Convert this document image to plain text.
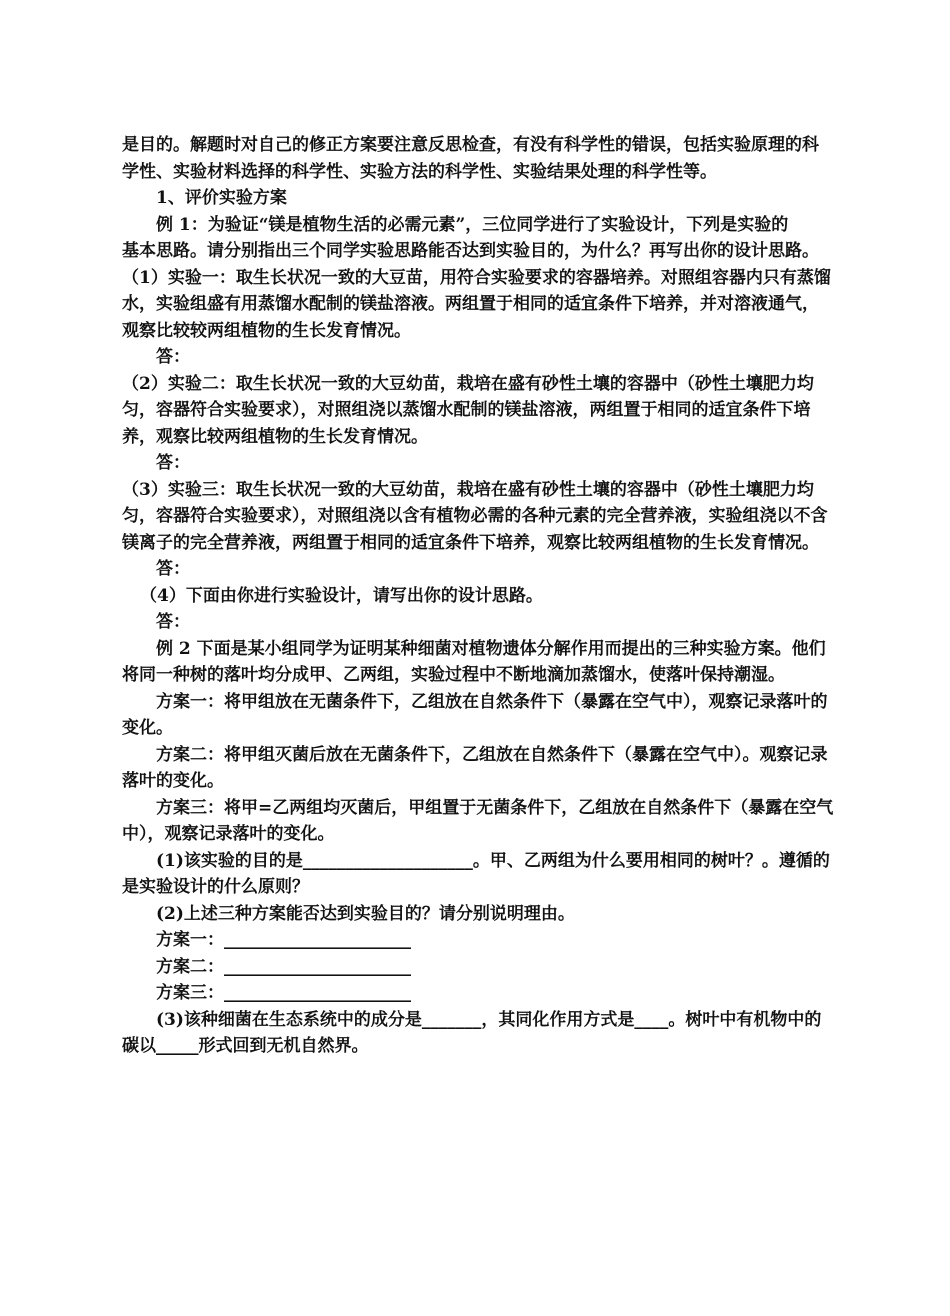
是目的。解题时对自己的修正方案要注意反思检查，有没有科学性的错误，包括实验原理的科学性、实验材料选择的科学性、实验方法的科学性、实验结果处理的科学性等。

1、评价实验方案

例 1：为验证“镁是植物生活的必需元素”，三位同学进行了实验设计，下列是实验的

基本思路。请分别指出三个同学实验思路能否达到实验目的，为什么？再写出你的设计思路。

（1）实验一：取生长状况一致的大豆苗，用符合实验要求的容器培养。对照组容器内只有蒸馏水，实验组盛有用蒸馏水配制的镁盐溶液。两组置于相同的适宜条件下培养，并对溶液通气，观察比较较两组植物的生长发育情况。

答：

（2）实验二：取生长状况一致的大豆幼苗，栽培在盛有砂性土壤的容器中（砂性土壤肥力均匀，容器符合实验要求），对照组浇以蒸馏水配制的镁盐溶液，两组置于相同的适宜条件下培养，观察比较两组植物的生长发育情况。

答：

（3）实验三：取生长状况一致的大豆幼苗，栽培在盛有砂性土壤的容器中（砂性土壤肥力均匀，容器符合实验要求），对照组浇以含有植物必需的各种元素的完全营养液，实验组浇以不含镁离子的完全营养液，两组置于相同的适宜条件下培养，观察比较两组植物的生长发育情况。

答：

（4）下面由你进行实验设计，请写出你的设计思路。

答：

例 2 下面是某小组同学为证明某种细菌对植物遗体分解作用而提出的三种实验方案。他们将同一种树的落叶均分成甲、乙两组，实验过程中不断地滴加蒸馏水，使落叶保持潮湿。

方案一：将甲组放在无菌条件下，乙组放在自然条件下（暴露在空气中），观察记录落叶的变化。

方案二：将甲组灭菌后放在无菌条件下，乙组放在自然条件下（暴露在空气中）。观察记录落叶的变化。

方案三：将甲=乙两组均灭菌后，甲组置于无菌条件下，乙组放在自然条件下（暴露在空气中），观察记录落叶的变化。

(1)该实验的目的是____________________。甲、乙两组为什么要用相同的树叶？。遵循的是实验设计的什么原则？

(2)上述三种方案能否达到实验目的？请分别说明理由。

方案一：______________________

方案二：______________________

方案三：______________________

(3)该种细菌在生态系统中的成分是_______，其同化作用方式是____。树叶中有机物中的碳以_____形式回到无机自然界。
